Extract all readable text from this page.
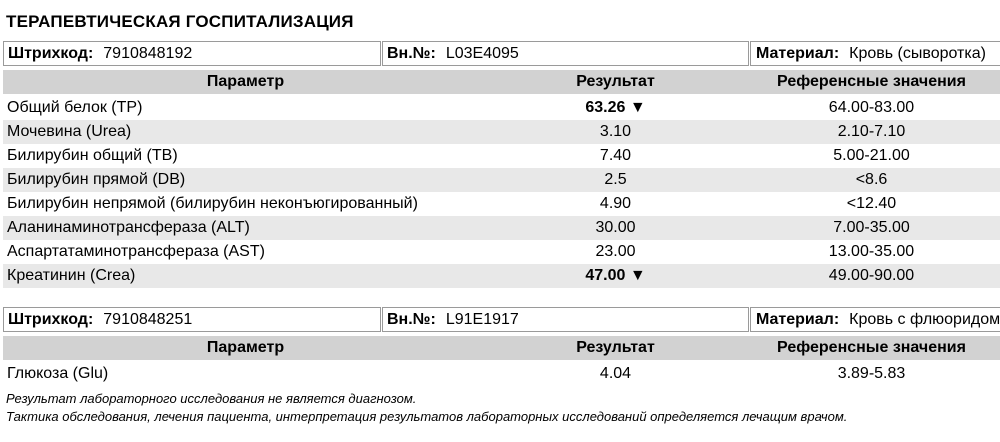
ТЕРАПЕВТИЧЕСКАЯ ГОСПИТАЛИЗАЦИЯ
Штрихкод: 7910848192	Вн.№: L03E4095	Материал: Кровь (сыворотка)
Параметр	Результат	Референсные значения
Общий белок (TP)	63.26 ▼	64.00-83.00
Мочевина (Urea)	3.10	2.10-7.10
Билирубин общий (TB)	7.40	5.00-21.00
Билирубин прямой (DB)	2.5	<8.6
Билирубин непрямой (билирубин неконъюгированный)	4.90	<12.40
Аланинаминотрансфераза (ALT)	30.00	7.00-35.00
Аспартатаминотрансфераза (AST)	23.00	13.00-35.00
Креатинин (Crea)	47.00 ▼	49.00-90.00
Штрихкод: 7910848251	Вн.№: L91E1917	Материал: Кровь с флюоридом
Параметр	Результат	Референсные значения
Глюкоза (Glu)	4.04	3.89-5.83
Результат лабораторного исследования не является диагнозом.
Тактика обследования, лечения пациента, интерпретация результатов лабораторных исследований определяется лечащим врачом.
